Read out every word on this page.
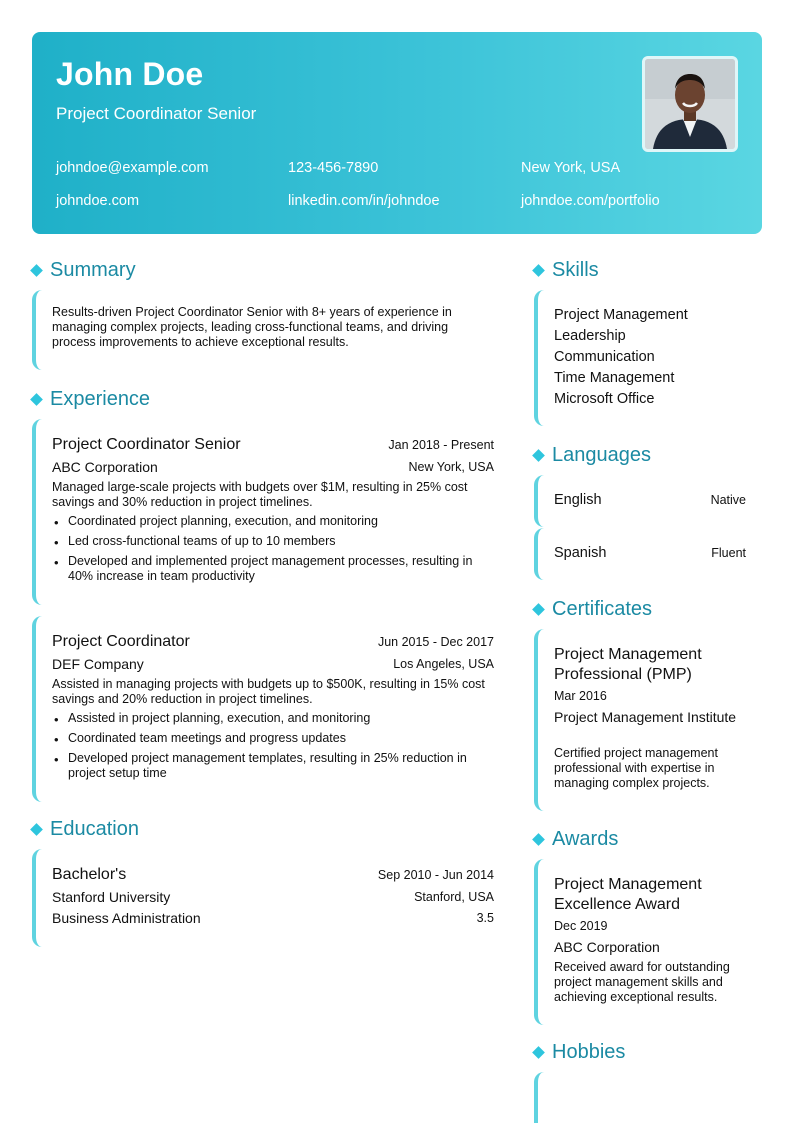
John Doe
Project Coordinator Senior
johndoe@example.com	123-456-7890	New York, USA
johndoe.com	linkedin.com/in/johndoe	johndoe.com/portfolio
Summary
Results-driven Project Coordinator Senior with 8+ years of experience in managing complex projects, leading cross-functional teams, and driving process improvements to achieve exceptional results.
Experience
Project Coordinator Senior	Jan 2018 - Present
ABC Corporation	New York, USA
Managed large-scale projects with budgets over $1M, resulting in 25% cost savings and 30% reduction in project timelines.
• Coordinated project planning, execution, and monitoring
• Led cross-functional teams of up to 10 members
• Developed and implemented project management processes, resulting in 40% increase in team productivity
Project Coordinator	Jun 2015 - Dec 2017
DEF Company	Los Angeles, USA
Assisted in managing projects with budgets up to $500K, resulting in 15% cost savings and 20% reduction in project timelines.
• Assisted in project planning, execution, and monitoring
• Coordinated team meetings and progress updates
• Developed project management templates, resulting in 25% reduction in project setup time
Education
Bachelor's	Sep 2010 - Jun 2014
Stanford University	Stanford, USA
Business Administration	3.5
Skills
Project Management
Leadership
Communication
Time Management
Microsoft Office
Languages
English	Native
Spanish	Fluent
Certificates
Project Management Professional (PMP)
Mar 2016
Project Management Institute
Certified project management professional with expertise in managing complex projects.
Awards
Project Management Excellence Award
Dec 2019
ABC Corporation
Received award for outstanding project management skills and achieving exceptional results.
Hobbies
